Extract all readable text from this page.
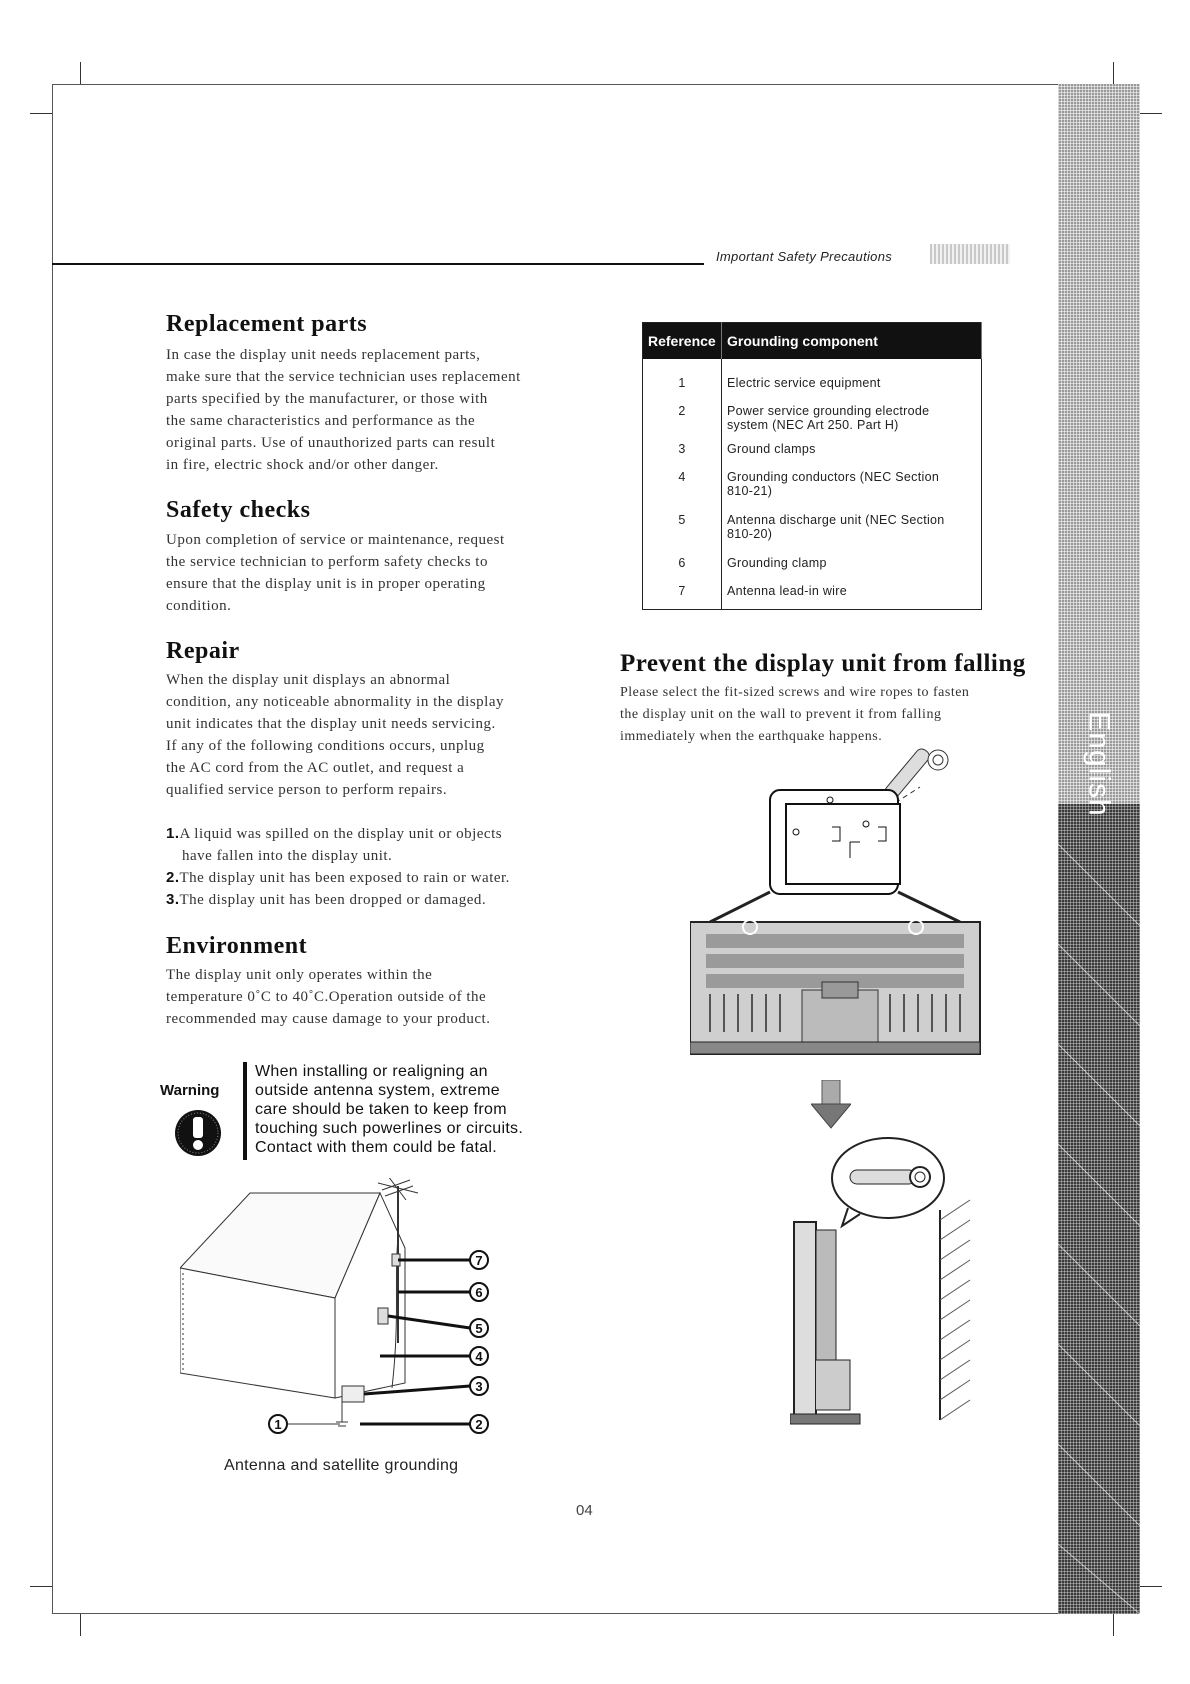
English
Important Safety Precautions
Replacement parts
In case the display unit needs replacement parts,
make sure that the service technician uses replacement
parts specified by the manufacturer, or those with
the same characteristics and performance as the
original parts. Use of unauthorized parts can result
in fire, electric shock and/or other danger.
Safety checks
Upon completion of service or maintenance, request
the service technician to perform safety checks to
ensure that the display unit is in proper operating
condition.
Repair
When the display unit displays an abnormal
condition, any noticeable abnormality in the display
unit indicates that the display unit needs servicing.
If any of the following conditions occurs, unplug
the AC cord from the AC outlet, and request a
qualified service person to perform repairs.
1.A liquid was spilled on the display unit or objects
have fallen into the display unit.
2.The display unit has been exposed to rain or water.
3.The display unit has been dropped or damaged.
Environment
The display unit only operates within the
temperature 0˚C to 40˚C.Operation outside of the
recommended may cause damage to your product.
Warning
When installing or realigning an
outside antenna system, extreme
care should be taken to keep from
touching such powerlines or circuits.
Contact with them could be fatal.
7
6
5
4
3
2
1
Antenna and satellite grounding
Reference	Grounding component

1	Electric service equipment

2	Power service grounding electrode
system (NEC Art 250. Part H)

3	Ground clamps

4	Grounding conductors (NEC Section
810-21)

5	Antenna discharge unit (NEC Section
810-20)

6	Grounding clamp

7	Antenna lead-in wire
Prevent the display unit from falling
Please select the fit-sized screws and wire ropes to fasten
the display unit on the wall to prevent it from falling
immediately when the earthquake happens.
04
